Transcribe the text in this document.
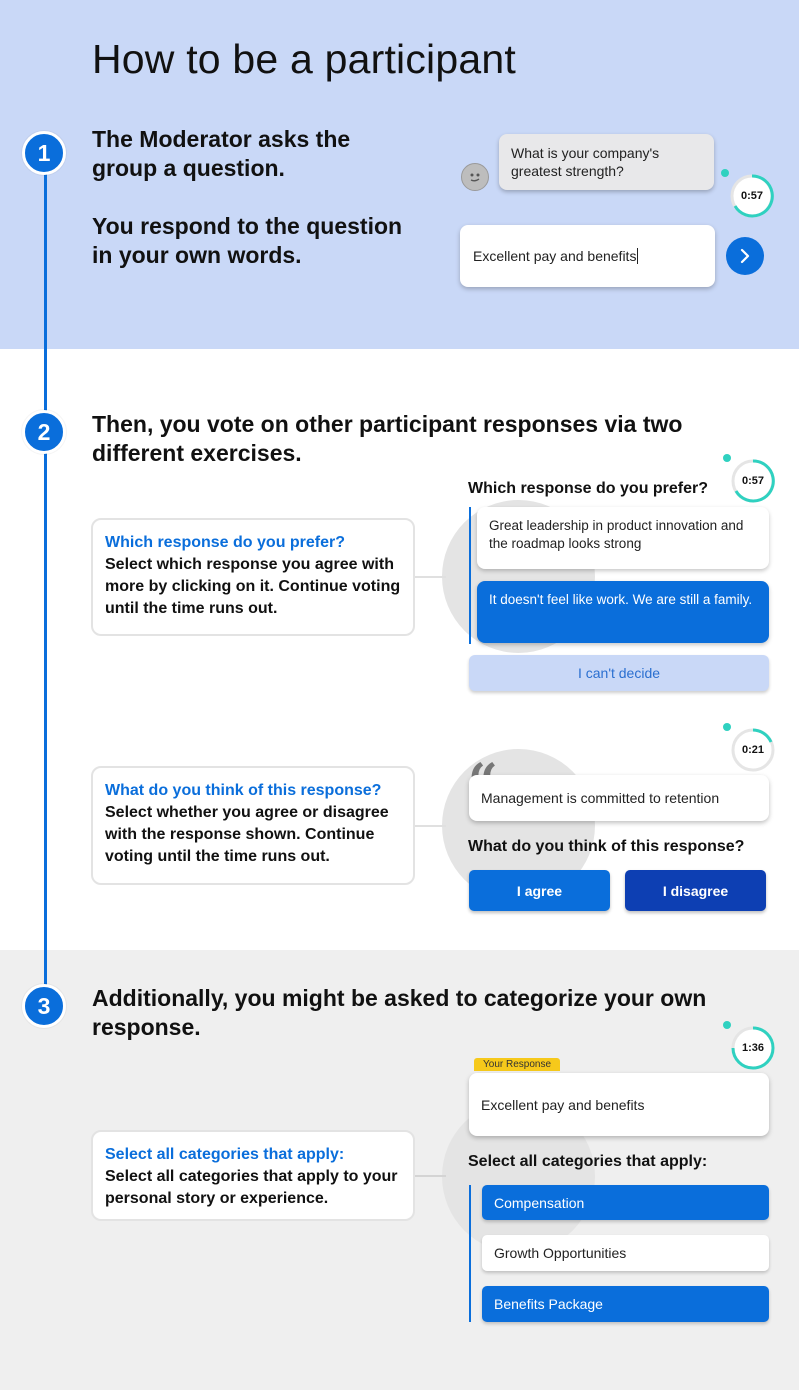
How to be a participant
1
2
3
The Moderator asks the group a question.
You respond to the question in your own words.
What is your company's greatest strength?
0:57
Excellent pay and benefits
Then, you vote on other participant responses via two different exercises.
Which response do you prefer?
Select which response you agree with more by clicking on it. Continue voting until the time runs out.
0:57
Which response do you prefer?
Great leadership in product innovation and the roadmap looks strong
It doesn't feel like work. We are still a family.
I can't decide
What do you think of this response?
Select whether you agree or disagree with the response shown. Continue voting until the time runs out.
0:21
Management is committed to retention
What do you think of this response?
I agree	I disagree
Additionally, you might be asked to categorize your own response.
Select all categories that apply:
Select all categories that apply to your personal story or experience.
1:36
Your Response
Excellent pay and benefits
Select all categories that apply:
Compensation
Growth Opportunities
Benefits Package
